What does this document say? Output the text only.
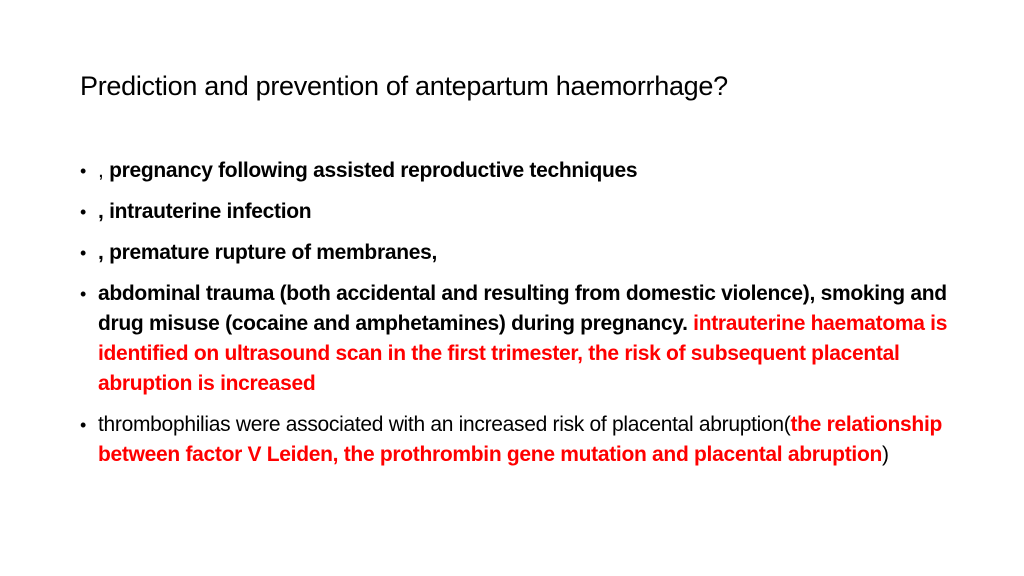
Prediction and prevention of antepartum haemorrhage?
• , pregnancy following assisted reproductive techniques
• , intrauterine infection
• , premature rupture of membranes,
• abdominal trauma (both accidental and resulting from domestic violence), smoking and drug misuse (cocaine and amphetamines) during pregnancy. intrauterine haematoma is identified on ultrasound scan in the first trimester, the risk of subsequent placental abruption is increased
• thrombophilias were associated with an increased risk of placental abruption(the relationship between factor V Leiden, the prothrombin gene mutation and placental abruption)
